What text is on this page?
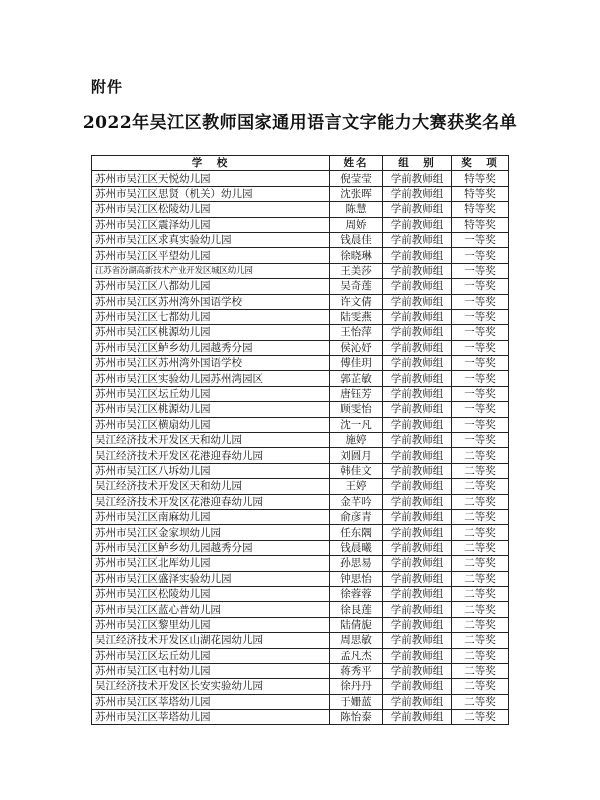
附件
2022年吴江区教师国家通用语言文字能力大赛获奖名单
学　校	姓名	组　别	奖　项
苏州市吴江区天悦幼儿园	倪莹莹	学前教师组	特等奖
苏州市吴江区思贤（机关）幼儿园	沈张晖	学前教师组	特等奖
苏州市吴江区松陵幼儿园	陈慧	学前教师组	特等奖
苏州市吴江区震泽幼儿园	周娇	学前教师组	特等奖
苏州市吴江区求真实验幼儿园	钱晨佳	学前教师组	一等奖
苏州市吴江区平望幼儿园	徐晓琳	学前教师组	一等奖
江苏省汾湖高新技术产业开发区城区幼儿园	王美莎	学前教师组	一等奖
苏州市吴江区八都幼儿园	吴奇莲	学前教师组	一等奖
苏州市吴江区苏州湾外国语学校	许文倩	学前教师组	一等奖
苏州市吴江区七都幼儿园	陆雯燕	学前教师组	一等奖
苏州市吴江区桃源幼儿园	王怡萍	学前教师组	一等奖
苏州市吴江区鲈乡幼儿园越秀分园	侯沁妤	学前教师组	一等奖
苏州市吴江区苏州湾外国语学校	傅佳玥	学前教师组	一等奖
苏州市吴江区实验幼儿园苏州湾园区	郭芷敏	学前教师组	一等奖
苏州市吴江区坛丘幼儿园	唐钰芳	学前教师组	一等奖
苏州市吴江区桃源幼儿园	顾雯怡	学前教师组	一等奖
苏州市吴江区横扇幼儿园	沈一凡	学前教师组	一等奖
吴江经济技术开发区天和幼儿园	施婷	学前教师组	一等奖
吴江经济技术开发区花港迎春幼儿园	刘圆月	学前教师组	二等奖
苏州市吴江区八坼幼儿园	韩佳文	学前教师组	二等奖
吴江经济技术开发区天和幼儿园	王婷	学前教师组	二等奖
吴江经济技术开发区花港迎春幼儿园	金芊吟	学前教师组	二等奖
苏州市吴江区南麻幼儿园	俞彦青	学前教师组	二等奖
苏州市吴江区金家坝幼儿园	任东隅	学前教师组	二等奖
苏州市吴江区鲈乡幼儿园越秀分园	钱晨曦	学前教师组	二等奖
苏州市吴江区北厍幼儿园	孙思易	学前教师组	二等奖
苏州市吴江区盛泽实验幼儿园	钟思怡	学前教师组	二等奖
苏州市吴江区松陵幼儿园	徐蓉蓉	学前教师组	二等奖
苏州市吴江区蓝心普幼儿园	徐艮莲	学前教师组	二等奖
苏州市吴江区黎里幼儿园	陆倩旎	学前教师组	二等奖
吴江经济技术开发区山湖花园幼儿园	周思敏	学前教师组	二等奖
苏州市吴江区坛丘幼儿园	孟凡杰	学前教师组	二等奖
苏州市吴江区屯村幼儿园	蒋秀平	学前教师组	二等奖
吴江经济技术开发区长安实验幼儿园	徐丹丹	学前教师组	二等奖
苏州市吴江区莘塔幼儿园	于姗蓝	学前教师组	二等奖
苏州市吴江区莘塔幼儿园	陈怡泰	学前教师组	二等奖
